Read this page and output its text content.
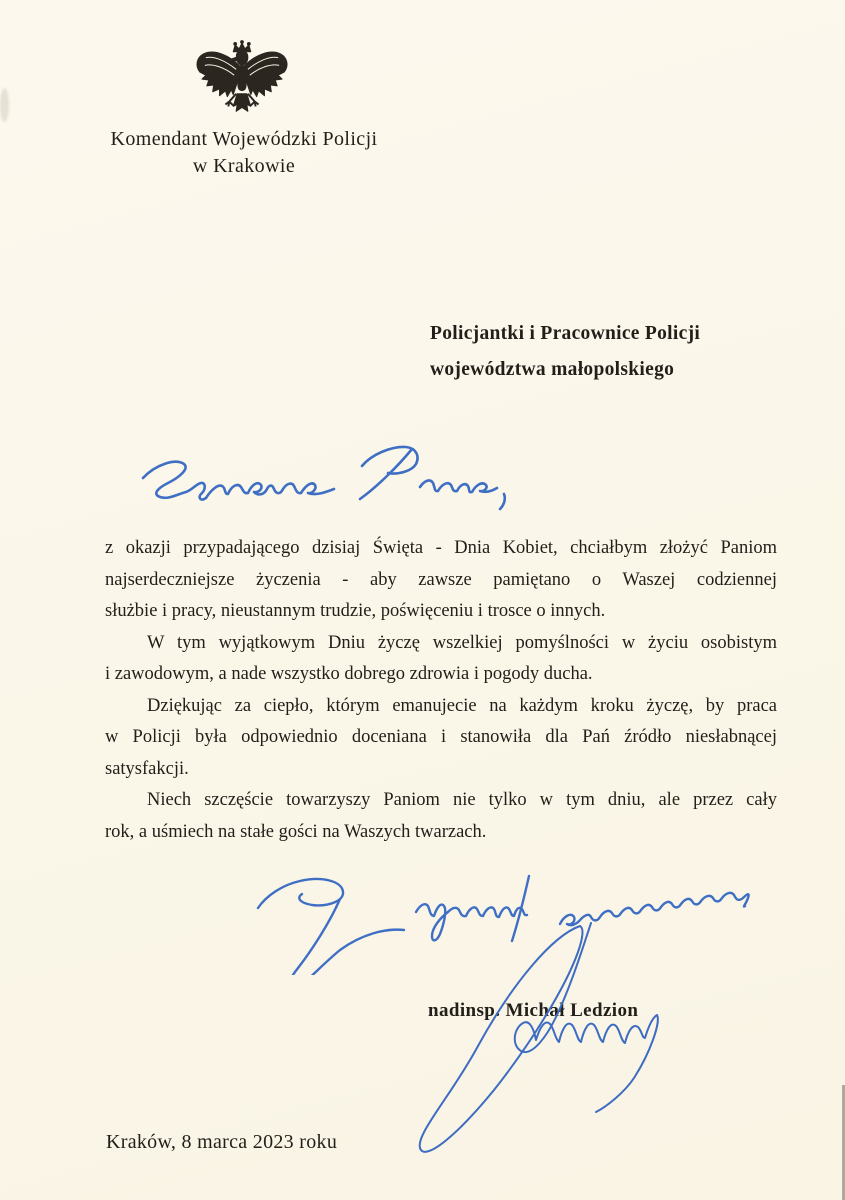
Komendant Wojewódzki Policji
w Krakowie
Policjantki i Pracownice Policji
województwa małopolskiego
z okazji przypadającego dzisiaj Święta - Dnia Kobiet, chciałbym złożyć Paniom
najserdeczniejsze życzenia - aby zawsze pamiętano o Waszej codziennej
służbie i pracy, nieustannym trudzie, poświęceniu i trosce o innych.
W tym wyjątkowym Dniu życzę wszelkiej pomyślności w życiu osobistym
i zawodowym, a nade wszystko dobrego zdrowia i pogody ducha.
Dziękując za ciepło, którym emanujecie na każdym kroku życzę, by praca
w Policji była odpowiednio doceniana i stanowiła dla Pań źródło niesłabnącej
satysfakcji.
Niech szczęście towarzyszy Paniom nie tylko w tym dniu, ale przez cały
rok, a uśmiech na stałe gości na Waszych twarzach.
nadinsp. Michał Ledzion
Kraków, 8 marca 2023 roku
